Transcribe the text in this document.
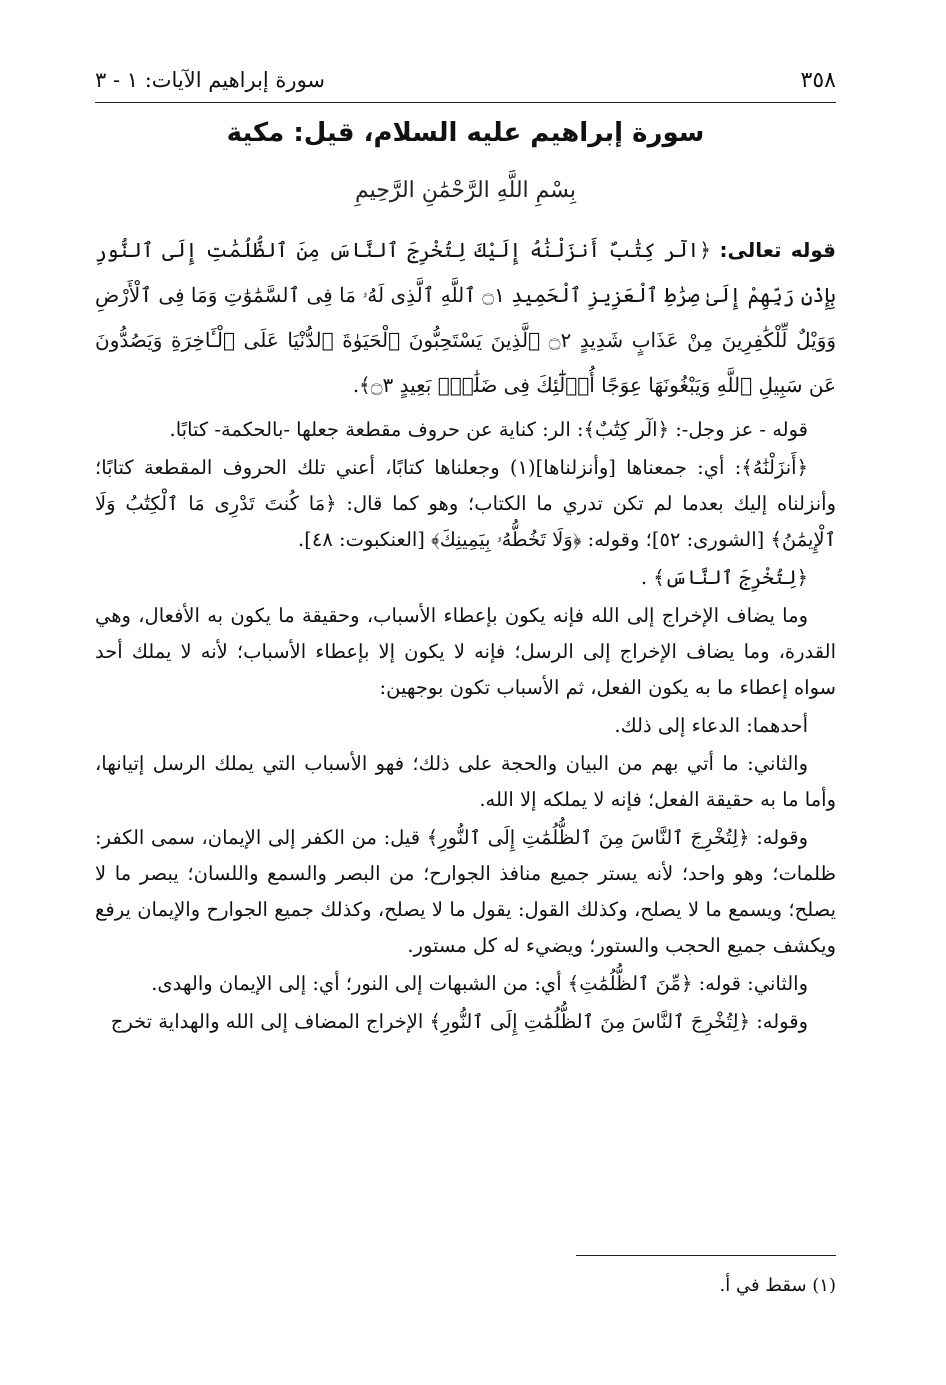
٣٥٨
سورة إبراهيم الآيات: ١ - ٣
سورة إبراهيم عليه السلام، قيل: مكية
بِسْمِ اللَّهِ الرَّحْمَٰنِ الرَّحِيمِ

قوله تعالى: ﴿الٓر كِتَٰبٌ أَنزَلْنَٰهُ إِلَيْكَ لِتُخْرِجَ ٱلنَّاسَ مِنَ ٱلظُّلُمَٰتِ إِلَى ٱلنُّورِ بِإِذْنِ رَبِّهِمْ إِلَىٰ صِرَٰطِ ٱلْعَزِيزِ ٱلْحَمِيدِ ۝١ ٱللَّهِ ٱلَّذِى لَهُۥ مَا فِى ٱلسَّمَٰوَٰتِ وَمَا فِى ٱلْأَرْضِ وَوَيْلٌ لِّلْكَٰفِرِينَ مِنْ عَذَابٍ شَدِيدٍ ۝٢ ٱلَّذِينَ يَسْتَحِبُّونَ ٱلْحَيَوٰةَ ٱلدُّنْيَا عَلَى ٱلْـَٔاخِرَةِ وَيَصُدُّونَ عَن سَبِيلِ ٱللَّهِ وَيَبْغُونَهَا عِوَجًا أُو۟لَٰٓئِكَ فِى ضَلَٰلٍۭ بَعِيدٍ ۝٣﴾.

قوله - عز وجل-: ﴿الٓر كِتَٰبٌ﴾: الر: كناية عن حروف مقطعة جعلها -بالحكمة- كتابًا.

﴿أَنزَلْنَٰهُ﴾: أي: جمعناها [وأنزلناها](١) وجعلناها كتابًا، أعني تلك الحروف المقطعة كتابًا؛ وأنزلناه إليك بعدما لم تكن تدري ما الكتاب؛ وهو كما قال: ﴿مَا كُنتَ تَدْرِى مَا ٱلْكِتَٰبُ وَلَا ٱلْإِيمَٰنُ﴾ [الشورى: ٥٢]؛ وقوله: ﴿وَلَا تَخُطُّهُۥ بِيَمِينِكَ﴾ [العنكبوت: ٤٨].

﴿لِتُخْرِجَ ٱلنَّاسَ﴾ .

وما يضاف الإخراج إلى الله فإنه يكون بإعطاء الأسباب، وحقيقة ما يكون به الأفعال، وهي القدرة، وما يضاف الإخراج إلى الرسل؛ فإنه لا يكون إلا بإعطاء الأسباب؛ لأنه لا يملك أحد سواه إعطاء ما به يكون الفعل، ثم الأسباب تكون بوجهين:

أحدهما: الدعاء إلى ذلك.

والثاني: ما أتي بهم من البيان والحجة على ذلك؛ فهو الأسباب التي يملك الرسل إتيانها، وأما ما به حقيقة الفعل؛ فإنه لا يملكه إلا الله.

وقوله: ﴿لِتُخْرِجَ ٱلنَّاسَ مِنَ ٱلظُّلُمَٰتِ إِلَى ٱلنُّورِ﴾ قيل: من الكفر إلى الإيمان، سمى الكفر: ظلمات؛ وهو واحد؛ لأنه يستر جميع منافذ الجوارح؛ من البصر والسمع واللسان؛ يبصر ما لا يصلح؛ ويسمع ما لا يصلح، وكذلك القول: يقول ما لا يصلح، وكذلك جميع الجوارح والإيمان يرفع ويكشف جميع الحجب والستور؛ ويضيء له كل مستور.

والثاني: قوله: ﴿مِّنَ ٱلظُّلُمَٰتِ﴾ أي: من الشبهات إلى النور؛ أي: إلى الإيمان والهدى.

وقوله: ﴿لِتُخْرِجَ ٱلنَّاسَ مِنَ ٱلظُّلُمَٰتِ إِلَى ٱلنُّورِ﴾ الإخراج المضاف إلى الله والهداية تخرج

(١) سقط في أ.
